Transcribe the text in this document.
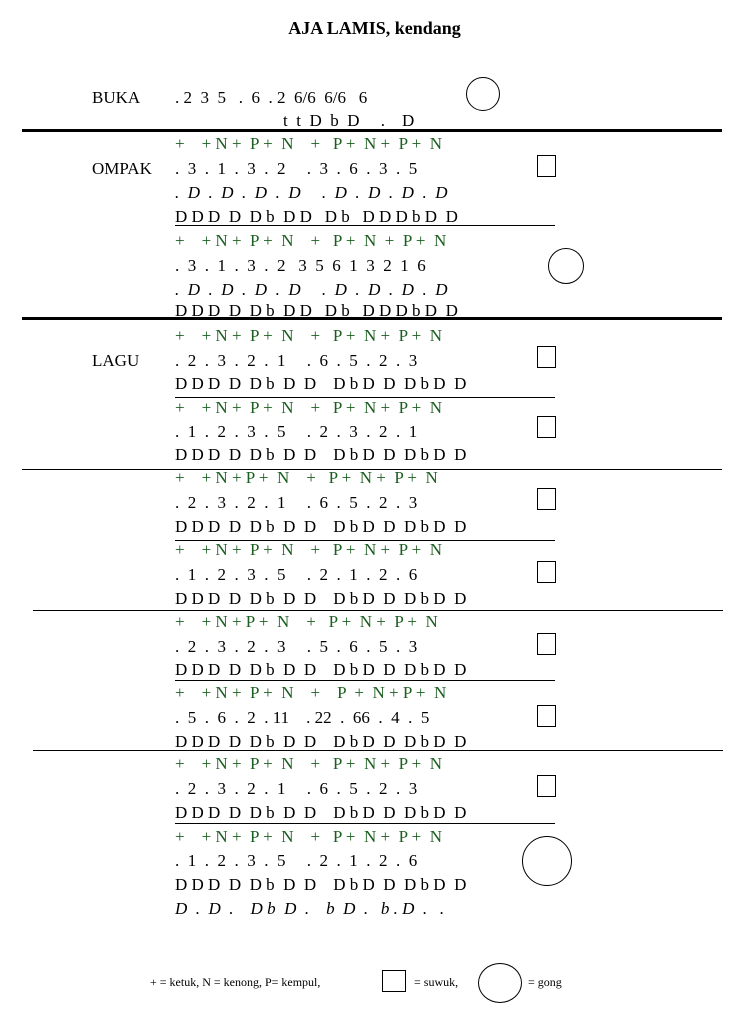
AJA LAMIS, kendang
BUKA . 2  3  5   .  6  . 2  6/6  6/6   6
t  t  D  b  D     .    D
OMPAK
+    + N +  P +  N    +   P +  N +  P +  N
.  3  .  1  .  3  .  2     .  3  .  6  .  3  .  5
.  D  .  D  .  D  .  D     .  D  .  D  .  D  .  D
D D D  D  D b  D D   D b   D D D b D  D
+    + N +  P +  N    +   P +  N  +  P +  N
.  3  .  1  .  3  .  2   3  5  6  1  3  2  1  6
.  D  .  D  .  D  .  D     .  D  .  D  .  D  .  D
D D D  D  D b  D D   D b   D D D b D  D
LAGU
+    + N +  P +  N    +   P +  N +  P +  N
.  2  .  3  .  2  .  1     .  6  .  5  .  2  .  3
D D D  D  D b  D  D    D b D  D  D b D  D
+    + N +  P +  N    +   P +  N +  P +  N
.  1  .  2  .  3  .  5     .  2  .  3  .  2  .  1
D D D  D  D b  D  D    D b D  D  D b D  D
+    + N + P +  N    +   P +  N +  P +  N
.  2  .  3  .  2  .  1     .  6  .  5  .  2  .  3
D D D  D  D b  D  D    D b D  D  D b D  D
+    + N +  P +  N    +   P +  N +  P +  N
.  1  .  2  .  3  .  5     .  2  .  1  .  2  .  6
D D D  D  D b  D  D    D b D  D  D b D  D
+    + N + P +  N    +   P +  N +  P +  N
.  2  .  3  .  2  .  3     .  5  .  6  .  5  .  3
D D D  D  D b  D  D    D b D  D  D b D  D
+    + N +  P +  N    +    P  +  N + P +  N
.  5  .  6  .  2  . 11    . 22  .  66  .  4  .  5
D D D  D  D b  D  D    D b D  D  D b D  D
+    + N +  P +  N    +   P +  N +  P +  N
.  2  .  3  .  2  .  1     .  6  .  5  .  2  .  3
D D D  D  D b  D  D    D b D  D  D b D  D
+    + N +  P +  N    +   P +  N +  P +  N
.  1  .  2  .  3  .  5     .  2  .  1  .  2  .  6
D D D  D  D b  D  D    D b D  D  D b D  D
D  .  D  .    D b  D  .    b  D  .   b . D  .   .
+ = ketuk, N = kenong, P= kempul,	= suwuk,	= gong
